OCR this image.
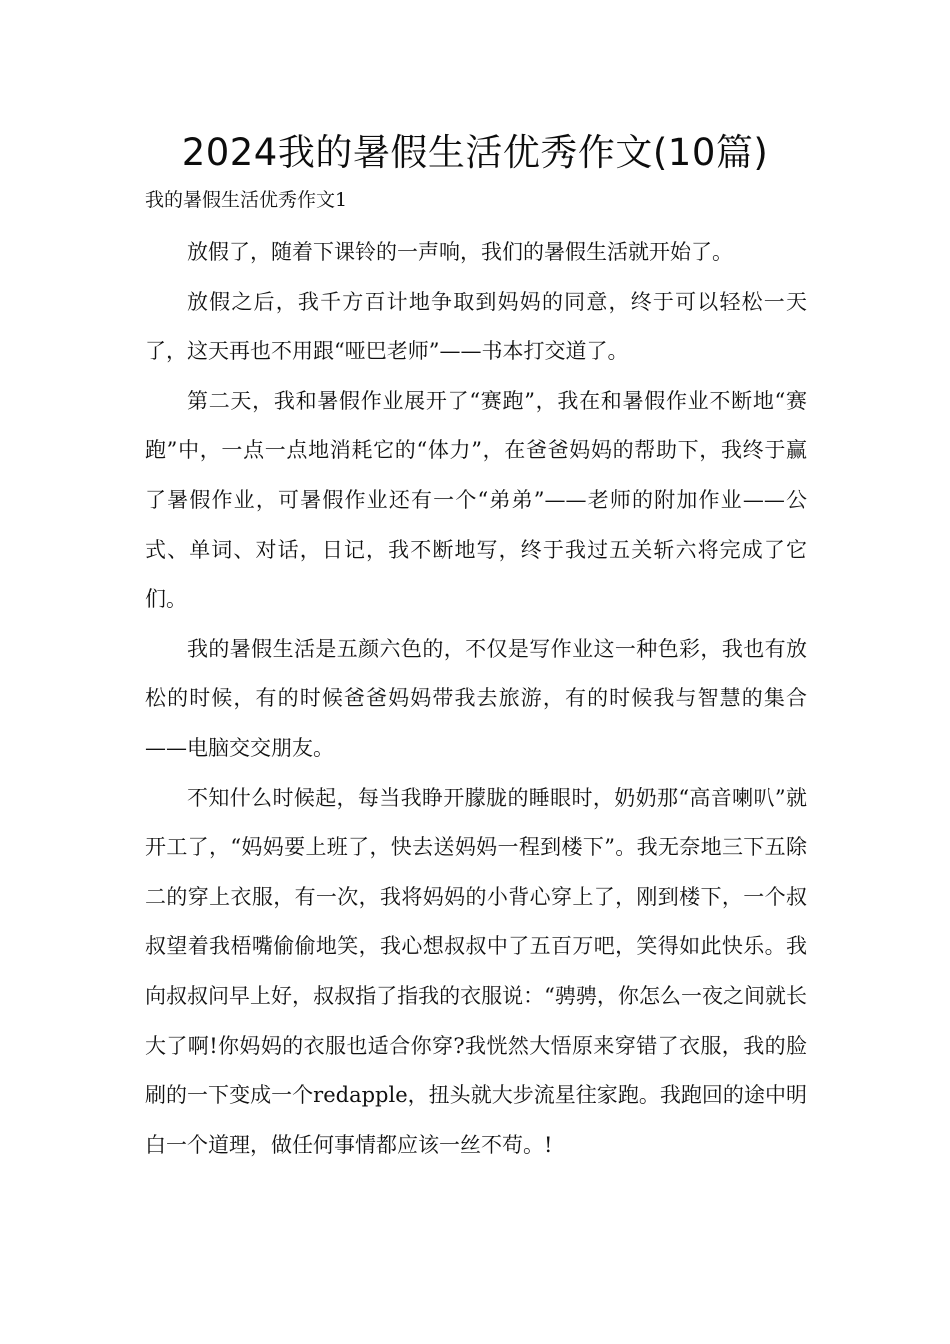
2024我的暑假生活优秀作文(10篇)
我的暑假生活优秀作文1

放假了，随着下课铃的一声响，我们的暑假生活就开始了。

放假之后，我千方百计地争取到妈妈的同意，终于可以轻松一天了，这天再也不用跟“哑巴老师”——书本打交道了。

第二天，我和暑假作业展开了“赛跑”，我在和暑假作业不断地“赛跑”中，一点一点地消耗它的“体力”，在爸爸妈妈的帮助下，我终于赢了暑假作业，可暑假作业还有一个“弟弟”——老师的附加作业——公式、单词、对话，日记，我不断地写，终于我过五关斩六将完成了它们。

我的暑假生活是五颜六色的，不仅是写作业这一种色彩，我也有放松的时候，有的时候爸爸妈妈带我去旅游，有的时候我与智慧的集合——电脑交交朋友。

不知什么时候起，每当我睁开朦胧的睡眼时，奶奶那“高音喇叭”就开工了，“妈妈要上班了，快去送妈妈一程到楼下”。我无奈地三下五除二的穿上衣服，有一次，我将妈妈的小背心穿上了，刚到楼下，一个叔叔望着我梧嘴偷偷地笑，我心想叔叔中了五百万吧，笑得如此快乐。我向叔叔问早上好，叔叔指了指我的衣服说：“骋骋，你怎么一夜之间就长大了啊!你妈妈的衣服也适合你穿?我恍然大悟原来穿错了衣服，我的脸刷的一下变成一个redapple，扭头就大步流星往家跑。我跑回的途中明白一个道理，做任何事情都应该一丝不苟。!
